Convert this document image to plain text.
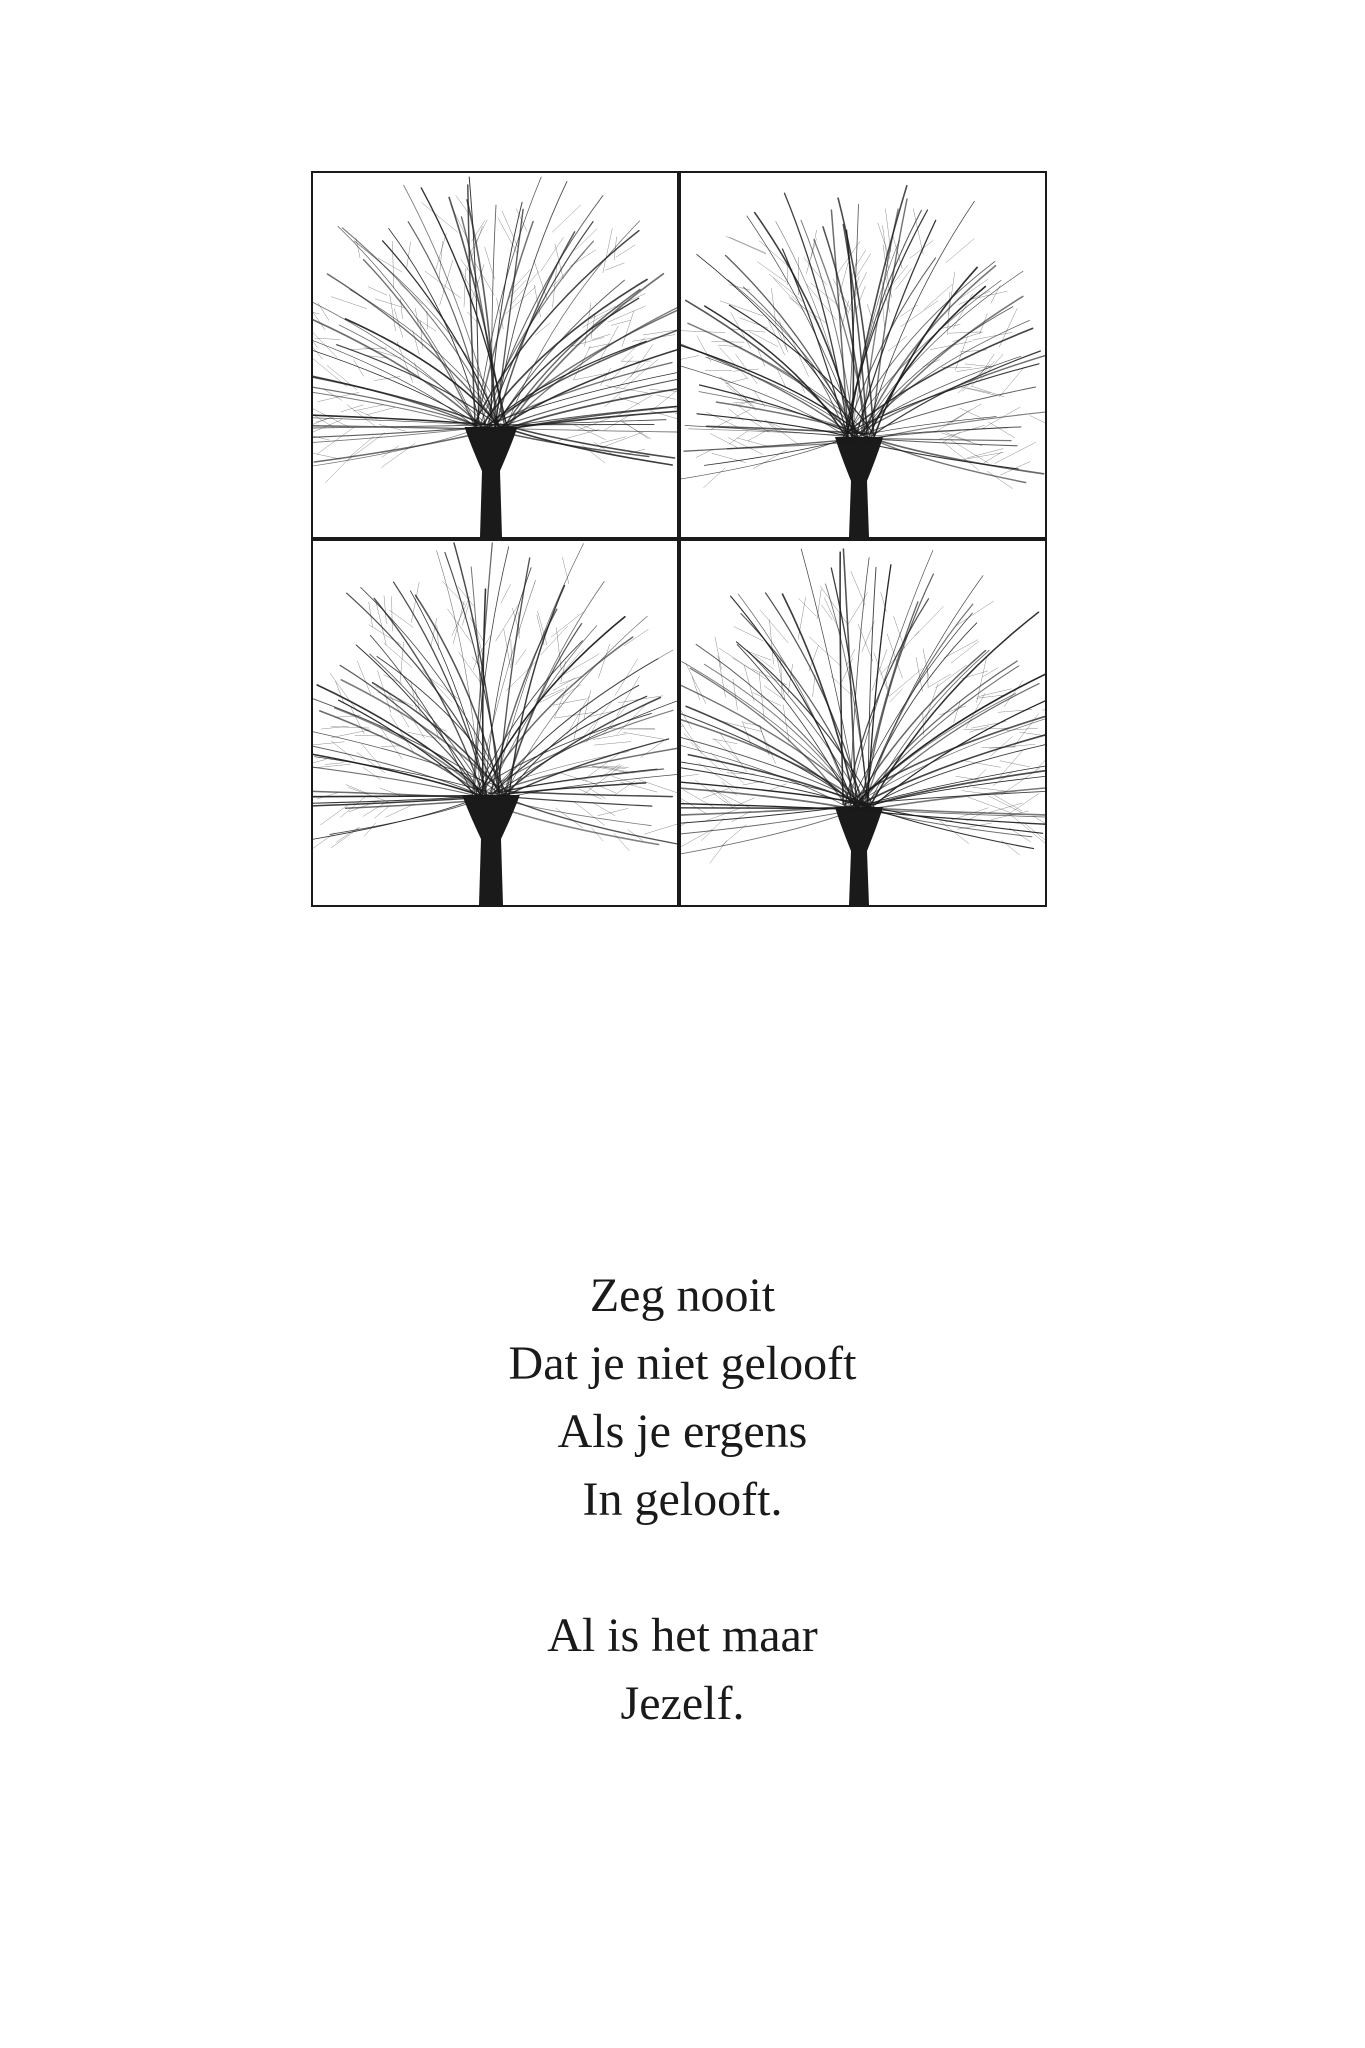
Zeg nooit
Dat je niet gelooft
Als je ergens
In gelooft.
Al is het maar
Jezelf.
